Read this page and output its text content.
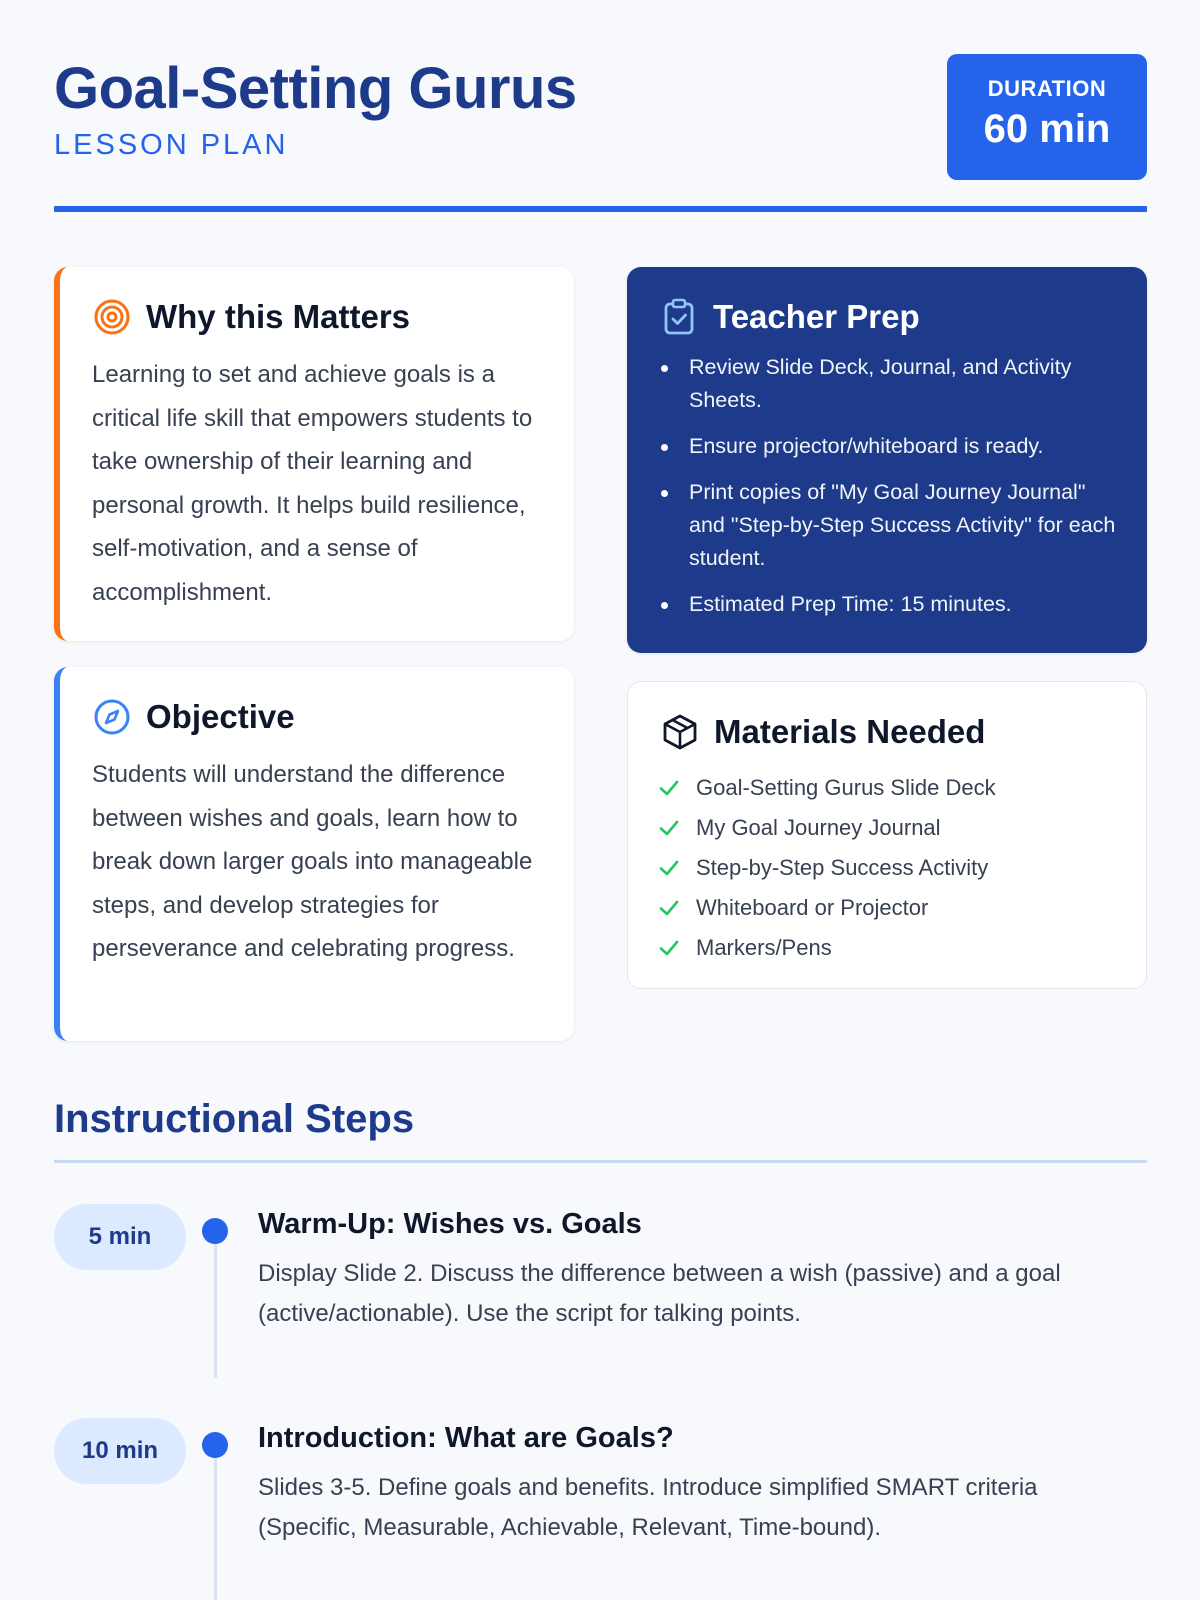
Goal-Setting Gurus
LESSON PLAN
DURATION
60 min
Why this Matters

Learning to set and achieve goals is a critical life skill that empowers students to take ownership of their learning and personal growth. It helps build resilience, self-motivation, and a sense of accomplishment.

Objective

Students will understand the difference between wishes and goals, learn how to break down larger goals into manageable steps, and develop strategies for perseverance and celebrating progress.

Teacher Prep
Review Slide Deck, Journal, and Activity Sheets.
Ensure projector/whiteboard is ready.
Print copies of "My Goal Journey Journal" and "Step-by-Step Success Activity" for each student.
Estimated Prep Time: 15 minutes.
Materials Needed
Goal-Setting Gurus Slide Deck
My Goal Journey Journal
Step-by-Step Success Activity
Whiteboard or Projector
Markers/Pens
Instructional Steps
5 min	Warm-Up: Wishes vs. Goals

Display Slide 2. Discuss the difference between a wish (passive) and a goal (active/actionable). Use the script for talking points.

10 min	Introduction: What are Goals?

Slides 3-5. Define goals and benefits. Introduce simplified SMART criteria (Specific, Measurable, Achievable, Relevant, Time-bound).
